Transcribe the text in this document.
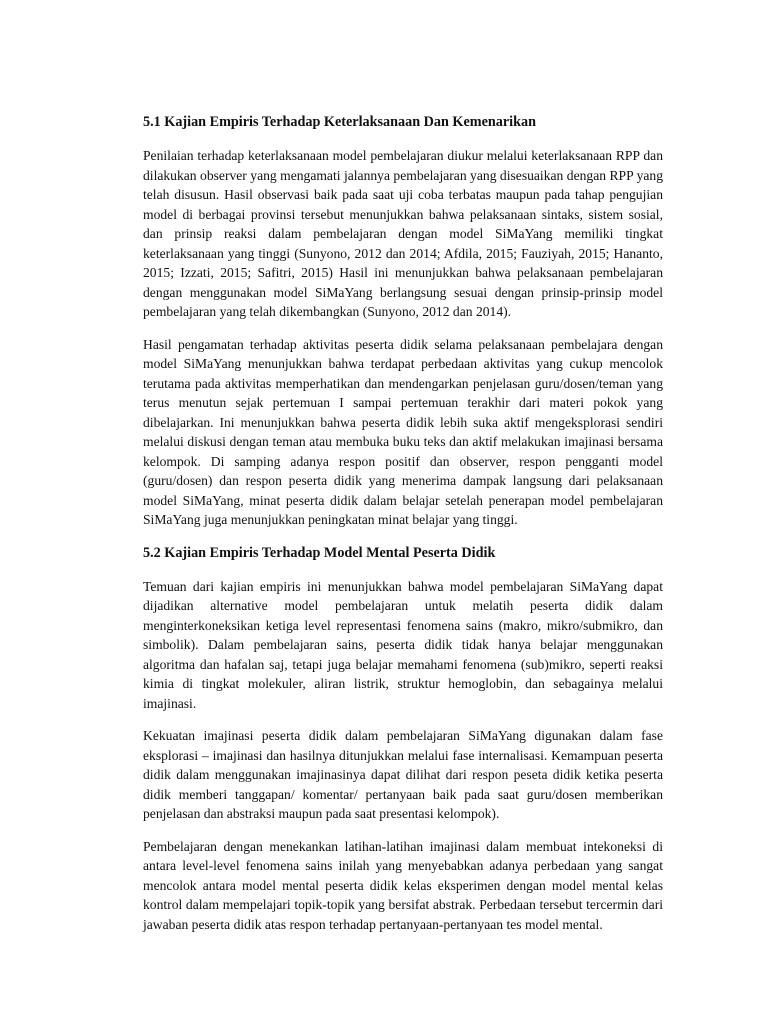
5.1 Kajian Empiris Terhadap Keterlaksanaan Dan Kemenarikan

Penilaian terhadap keterlaksanaan model pembelajaran diukur melalui keterlaksanaan RPP dan dilakukan observer yang mengamati jalannya pembelajaran yang disesuaikan dengan RPP yang telah disusun. Hasil observasi baik pada saat uji coba terbatas maupun pada tahap pengujian model di berbagai provinsi tersebut menunjukkan bahwa pelaksanaan sintaks, sistem sosial, dan prinsip reaksi dalam pembelajaran dengan model SiMaYang memiliki tingkat keterlaksanaan yang tinggi (Sunyono, 2012 dan 2014; Afdila, 2015; Fauziyah, 2015; Hananto, 2015; Izzati, 2015; Safitri, 2015) Hasil ini menunjukkan bahwa pelaksanaan pembelajaran dengan menggunakan model SiMaYang berlangsung sesuai dengan prinsip-prinsip model pembelajaran yang telah dikembangkan (Sunyono, 2012 dan 2014).

Hasil pengamatan terhadap aktivitas peserta didik selama pelaksanaan pembelajara dengan model SiMaYang menunjukkan bahwa terdapat perbedaan aktivitas yang cukup mencolok terutama pada aktivitas memperhatikan dan mendengarkan penjelasan guru/dosen/teman yang terus menutun sejak pertemuan I sampai pertemuan terakhir dari materi pokok yang dibelajarkan. Ini menunjukkan bahwa peserta didik lebih suka aktif mengeksplorasi sendiri melalui diskusi dengan teman atau membuka buku teks dan aktif melakukan imajinasi bersama kelompok. Di samping adanya respon positif dan observer, respon pengganti model (guru/dosen) dan respon peserta didik yang menerima dampak langsung dari pelaksanaan model SiMaYang, minat peserta didik dalam belajar setelah penerapan model pembelajaran SiMaYang juga menunjukkan peningkatan minat belajar yang tinggi.

5.2 Kajian Empiris Terhadap Model Mental Peserta Didik

Temuan dari kajian empiris ini menunjukkan bahwa model pembelajaran SiMaYang dapat dijadikan alternative model pembelajaran untuk melatih peserta didik dalam menginterkoneksikan ketiga level representasi fenomena sains (makro, mikro/submikro, dan simbolik). Dalam pembelajaran sains, peserta didik tidak hanya belajar menggunakan algoritma dan hafalan saj, tetapi juga belajar memahami fenomena (sub)mikro, seperti reaksi kimia di tingkat molekuler, aliran listrik, struktur hemoglobin, dan sebagainya melalui imajinasi.

Kekuatan imajinasi peserta didik dalam pembelajaran SiMaYang digunakan dalam fase eksplorasi – imajinasi dan hasilnya ditunjukkan melalui fase internalisasi. Kemampuan peserta didik dalam menggunakan imajinasinya dapat dilihat dari respon peseta didik ketika peserta didik memberi tanggapan/ komentar/ pertanyaan baik pada saat guru/dosen memberikan penjelasan dan abstraksi maupun pada saat presentasi kelompok).

Pembelajaran dengan menekankan latihan-latihan imajinasi dalam membuat intekoneksi di antara level-level fenomena sains inilah yang menyebabkan adanya perbedaan yang sangat mencolok antara model mental peserta didik kelas eksperimen dengan model mental kelas kontrol dalam mempelajari topik-topik yang bersifat abstrak. Perbedaan tersebut tercermin dari jawaban peserta didik atas respon terhadap pertanyaan-pertanyaan tes model mental.
